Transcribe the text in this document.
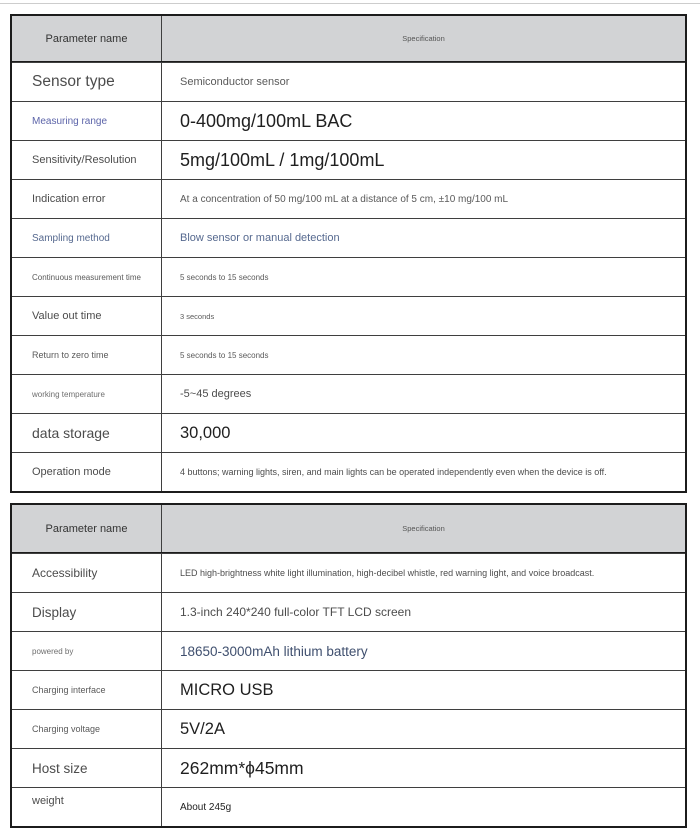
Parameter name	Specification
Sensor type	Semiconductor sensor
Measuring range	0-400mg/100mL BAC
Sensitivity/Resolution	5mg/100mL / 1mg/100mL
Indication error	At a concentration of 50 mg/100 mL at a distance of 5 cm, ±10 mg/100 mL
Sampling method	Blow sensor or manual detection
Continuous measurement time	5 seconds to 15 seconds
Value out time	3 seconds
Return to zero time	5 seconds to 15 seconds
working temperature	-5~45 degrees
data storage	30,000
Operation mode	4 buttons; warning lights, siren, and main lights can be operated independently even when the device is off.
Parameter name	Specification
Accessibility	LED high-brightness white light illumination, high-decibel whistle, red warning light, and voice broadcast.
Display	1.3-inch 240*240 full-color TFT LCD screen
powered by	18650-3000mAh lithium battery
Charging interface	MICRO USB
Charging voltage	5V/2A
Host size	262mm*ϕ45mm
weight	About 245g
